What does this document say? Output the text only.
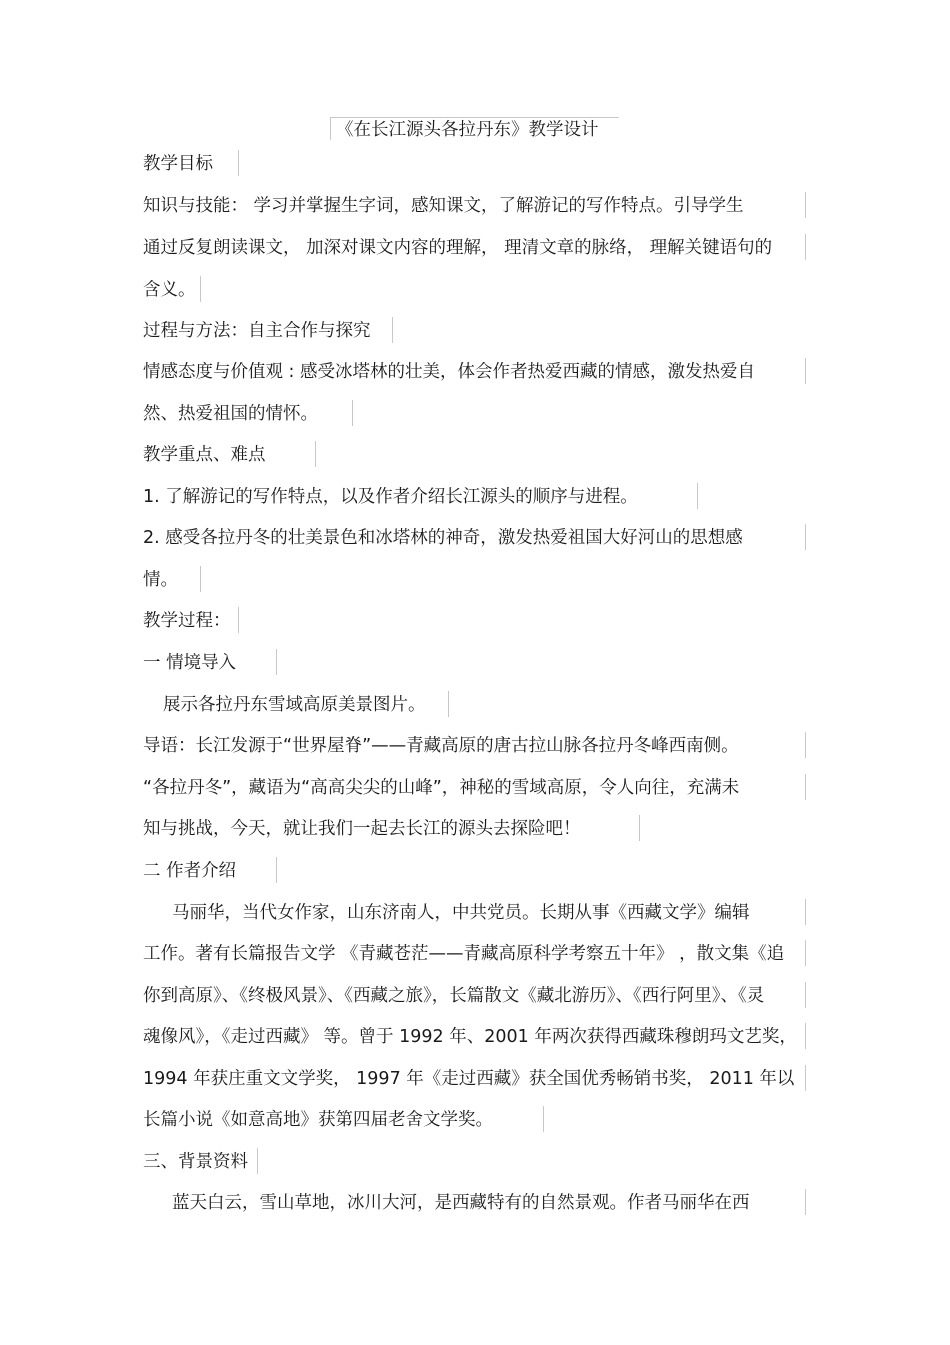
《在长江源头各拉丹东》教学设计
教学目标
知识与技能： 学习并掌握生字词，感知课文，了解游记的写作特点。引导学生
通过反复朗读课文， 加深对课文内容的理解， 理清文章的脉络， 理解关键语句的
含义。
过程与方法：自主合作与探究
情感态度与价值观 : 感受冰塔林的壮美，体会作者热爱西藏的情感，激发热爱自
然、热爱祖国的情怀。
教学重点、难点
1. 了解游记的写作特点，以及作者介绍长江源头的顺序与进程。
2. 感受各拉丹冬的壮美景色和冰塔林的神奇，激发热爱祖国大好河山的思想感
情。
教学过程：
一 情境导入
展示各拉丹东雪域高原美景图片。
导语：长江发源于“世界屋脊”——青藏高原的唐古拉山脉各拉丹冬峰西南侧。
“各拉丹冬”，藏语为“高高尖尖的山峰”，神秘的雪域高原，令人向往，充满未
知与挑战，今天，就让我们一起去长江的源头去探险吧！
二 作者介绍
马丽华，当代女作家，山东济南人，中共党员。长期从事《西藏文学》编辑
工作。著有长篇报告文学 《青藏苍茫——青藏高原科学考察五十年》 ，散文集《追
你到高原》、《终极风景》、《西藏之旅》，长篇散文《藏北游历》、《西行阿里》、《灵
魂像风》，《走过西藏》 等。曾于 1992 年、2001 年两次获得西藏珠穆朗玛文艺奖，
1994 年获庄重文文学奖， 1997 年《走过西藏》获全国优秀畅销书奖， 2011 年以
长篇小说《如意高地》获第四届老舍文学奖。
三、背景资料
蓝天白云，雪山草地，冰川大河，是西藏特有的自然景观。作者马丽华在西
